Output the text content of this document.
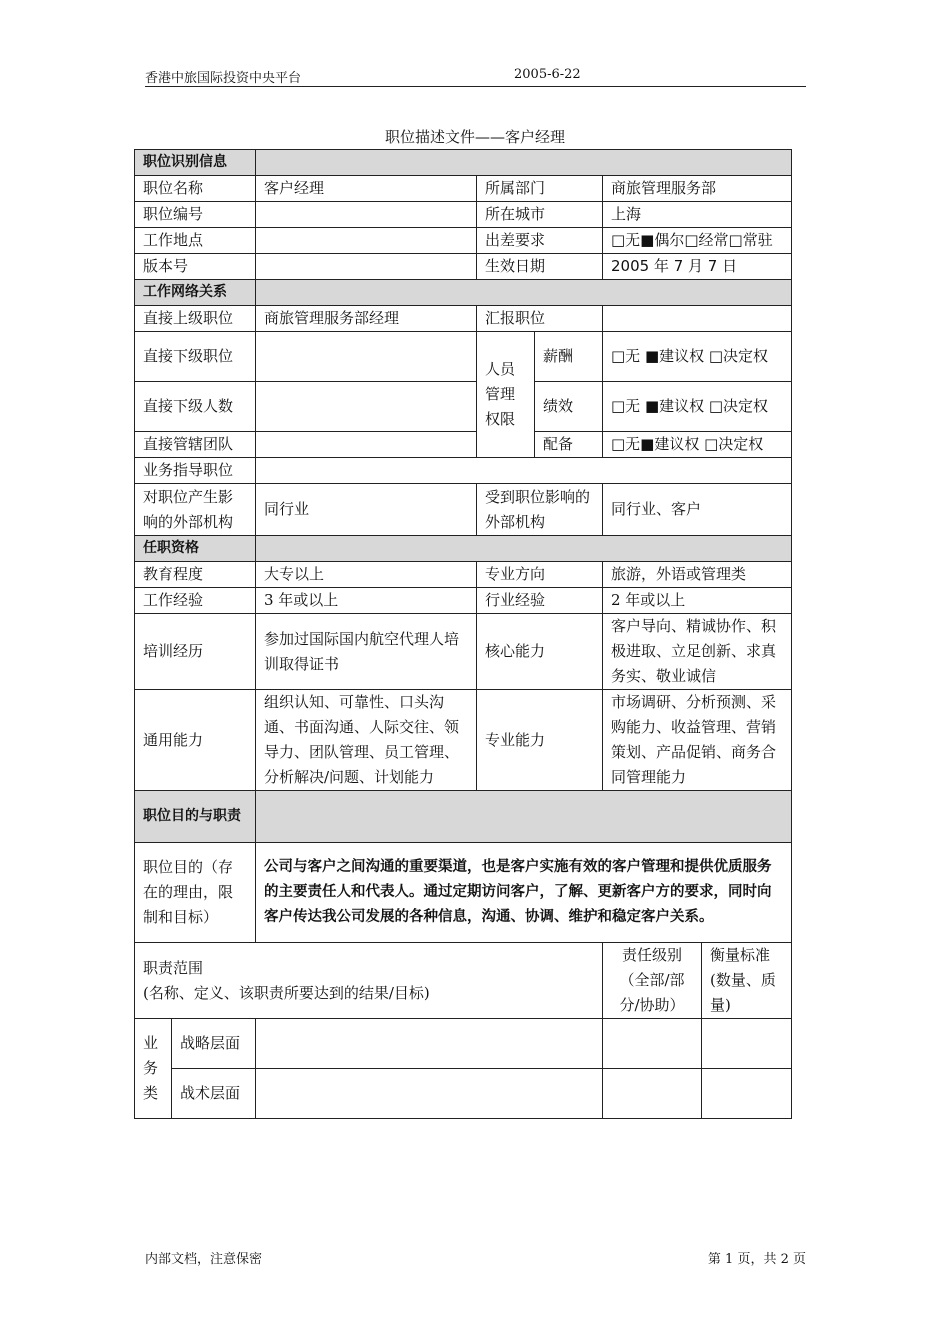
香港中旅国际投资中央平台	2005-6-22
职位描述文件——客户经理
职位识别信息						
职位名称		客户经理	所属部门		商旅管理服务部	
职位编号			所在城市		上海	
工作地点			出差要求		□无■偶尔□经常□常驻	
版本号			生效日期		2005 年 7 月 7 日	
工作网络关系						
直接上级职位		商旅管理服务部经理	汇报职位			
直接下级职位			人员管理权限	薪酬	□无 ■建议权 □决定权	
直接下级人数				绩效	□无 ■建议权 □决定权	
直接管辖团队				配备	□无■建议权 □决定权	
业务指导职位						
对职位产生影响的外部机构		同行业	受到职位影响的外部机构		同行业、客户	
任职资格						
教育程度		大专以上	专业方向		旅游，外语或管理类	
工作经验		3 年或以上	行业经验		2 年或以上	
培训经历		参加过国际国内航空代理人培训取得证书	核心能力		客户导向、精诚协作、积极进取、立足创新、求真务实、敬业诚信	
通用能力		组织认知、可靠性、口头沟通、书面沟通、人际交往、领导力、团队管理、员工管理、分析解决/问题、计划能力	专业能力		市场调研、分析预测、采购能力、收益管理、营销策划、产品促销、商务合同管理能力	
职位目的与职责						
职位目的（存在的理由，限制和目标）		公司与客户之间沟通的重要渠道，也是客户实施有效的客户管理和提供优质服务的主要责任人和代表人。通过定期访问客户，了解、更新客户方的要求，同时向客户传达我公司发展的各种信息，沟通、协调、维护和稳定客户关系。				

职责范围
(名称、定义、该职责所要达到的结果/目标)					责任级别（全部/部分/协助）	衡量标准(数量、质量)
业务类	战略层面					
	战术层面					
内部文档，注意保密	第 1 页，共 2 页
